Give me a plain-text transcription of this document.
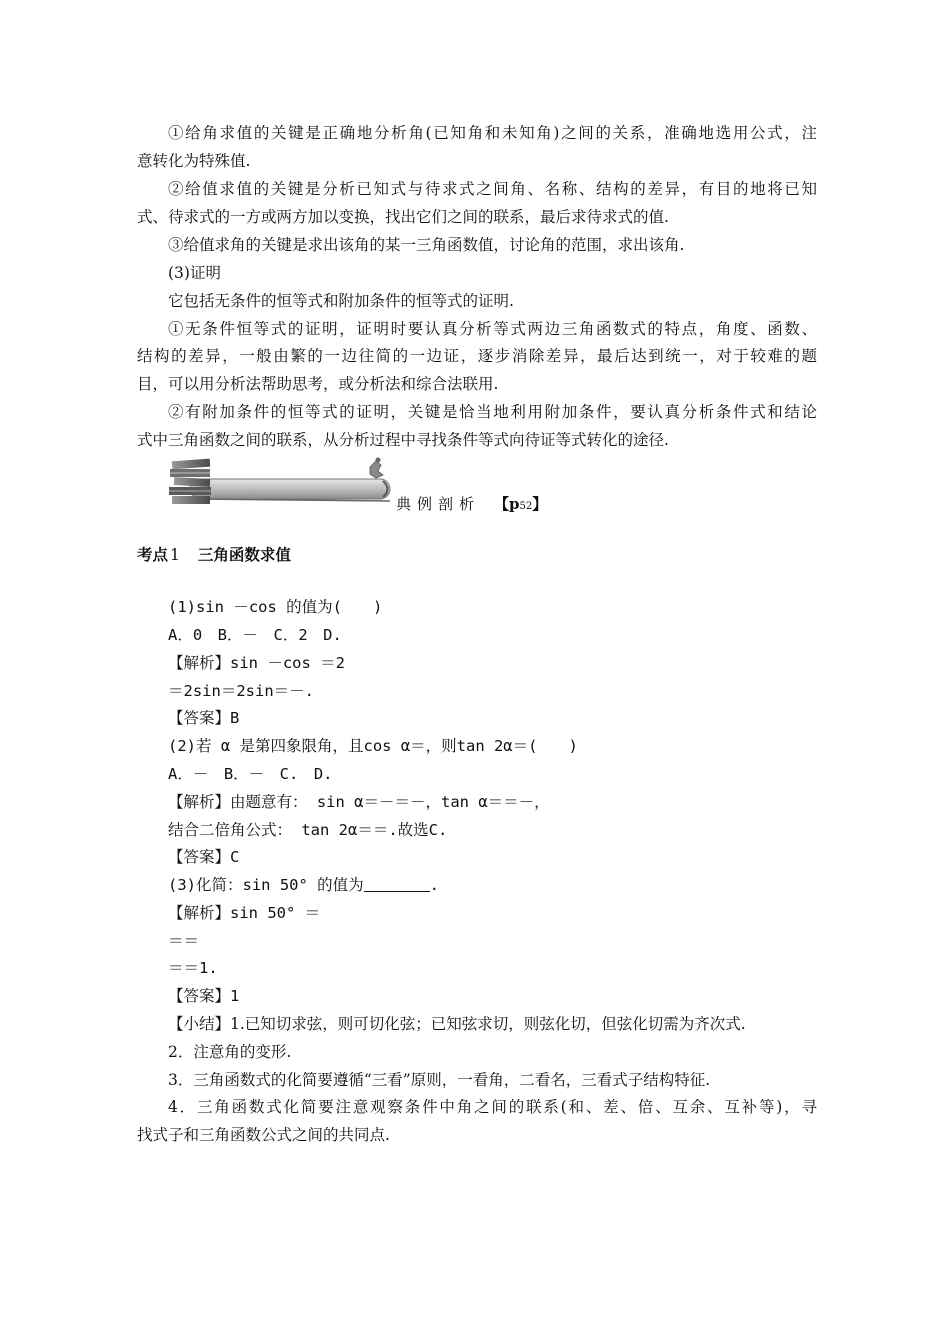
①给角求值的关键是正确地分析角(已知角和未知角)之间的关系，准确地选用公式，注
意转化为特殊值.
②给值求值的关键是分析已知式与待求式之间角、名称、结构的差异，有目的地将已知
式、待求式的一方或两方加以变换，找出它们之间的联系，最后求待求式的值.
③给值求角的关键是求出该角的某一三角函数值，讨论角的范围，求出该角.
(3)证明
它包括无条件的恒等式和附加条件的恒等式的证明.
①无条件恒等式的证明，证明时要认真分析等式两边三角函数式的特点，角度、函数、
结构的差异，一般由繁的一边往简的一边证，逐步消除差异，最后达到统一，对于较难的题
目，可以用分析法帮助思考，或分析法和综合法联用.
②有附加条件的恒等式的证明，关键是恰当地利用附加条件，要认真分析条件式和结论
式中三角函数之间的联系，从分析过程中寻找条件等式向待证等式转化的途径.
典例剖析 【p52】
考点 1 三角函数求值
(1)sin －cos 的值为(　　)
A．0　B．－　C．2　D.
【解析】sin －cos ＝2
＝2sin＝2sin＝－.
【答案】B
(2)若 α 是第四象限角，且cos α＝，则tan 2α＝(　　)
A．－　B．－　C.　D.
【解析】由题意有： sin α＝－＝－，tan α＝＝－，
结合二倍角公式： tan 2α＝＝.故选C.
【答案】C
(3)化简：sin 50° 的值为	.
【解析】sin 50° ＝
＝＝
＝＝1.
【答案】1
【小结】1.已知切求弦，则可切化弦；已知弦求切，则弦化切，但弦化切需为齐次式.
2．注意角的变形.
3．三角函数式的化简要遵循“三看”原则，一看角，二看名，三看式子结构特征.
4．三角函数式化简要注意观察条件中角之间的联系(和、差、倍、互余、互补等)，寻
找式子和三角函数公式之间的共同点.
